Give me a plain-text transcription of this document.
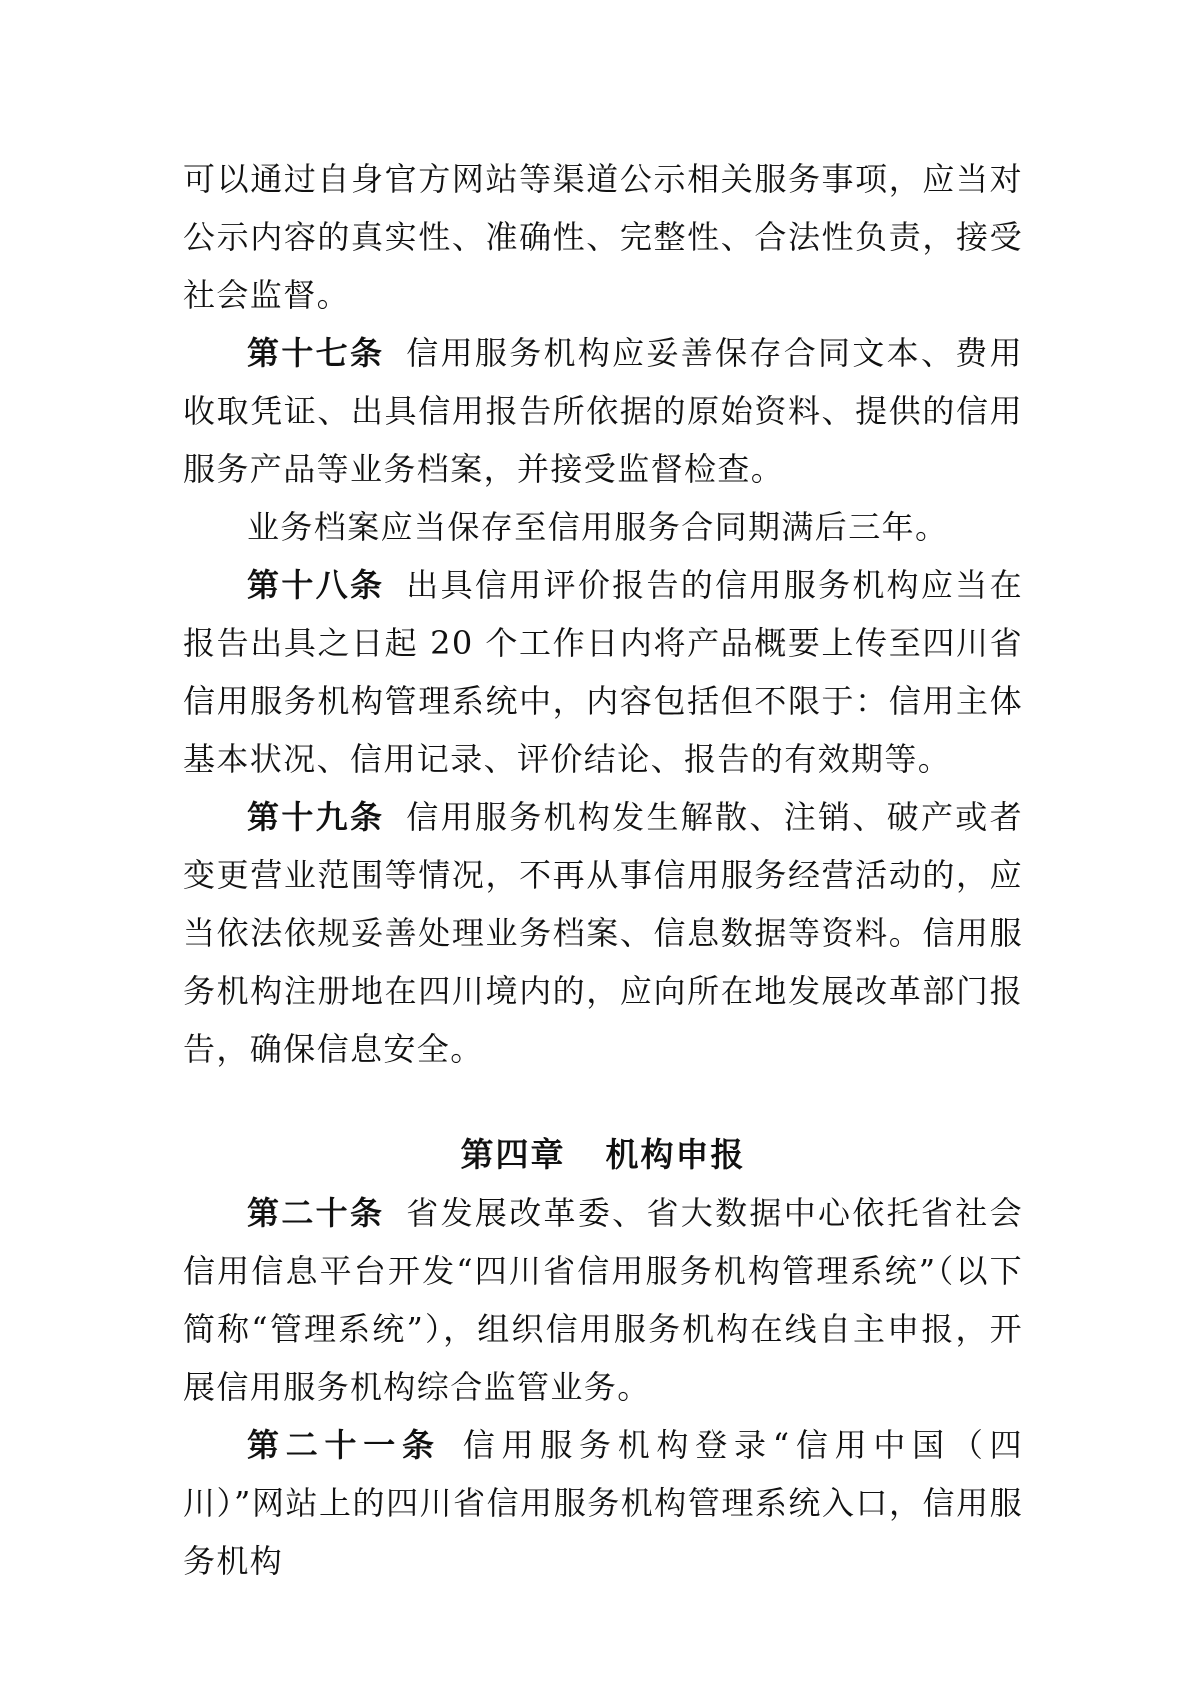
可以通过自身官方网站等渠道公示相关服务事项，应当对公示内容的真实性、准确性、完整性、合法性负责，接受社会监督。

第十七条 信用服务机构应妥善保存合同文本、费用收取凭证、出具信用报告所依据的原始资料、提供的信用服务产品等业务档案，并接受监督检查。

业务档案应当保存至信用服务合同期满后三年。

第十八条 出具信用评价报告的信用服务机构应当在报告出具之日起 20 个工作日内将产品概要上传至四川省信用服务机构管理系统中，内容包括但不限于：信用主体基本状况、信用记录、评价结论、报告的有效期等。

第十九条 信用服务机构发生解散、注销、破产或者变更营业范围等情况，不再从事信用服务经营活动的，应当依法依规妥善处理业务档案、信息数据等资料。信用服务机构注册地在四川境内的，应向所在地发展改革部门报告，确保信息安全。

第四章 机构申报

第二十条 省发展改革委、省大数据中心依托省社会信用信息平台开发“四川省信用服务机构管理系统”（以下简称“管理系统”），组织信用服务机构在线自主申报，开展信用服务机构综合监管业务。

第二十一条 信用服务机构登录“信用中国（四川）”网站上的四川省信用服务机构管理系统入口，信用服务机构
